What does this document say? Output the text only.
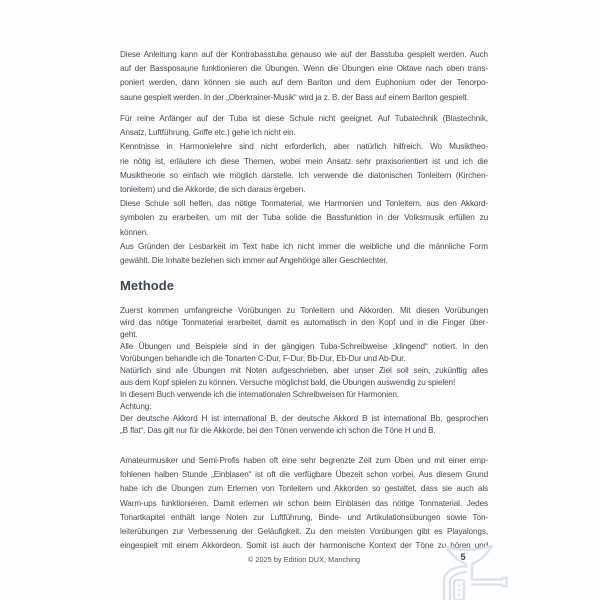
Diese Anleitung kann auf der Kontrabasstuba genauso wie auf der Basstuba gespielt werden. Auch
auf der Bassposaune funktionieren die Übungen. Wenn die Übungen eine Oktave nach oben trans-
poniert werden, dann können sie auch auf dem Bariton und dem Euphonium oder der Tenorpo-
saune gespielt werden. In der „Oberkrainer-Musik“ wird ja z. B. der Bass auf einem Bariton gespielt.
Für reine Anfänger auf der Tuba ist diese Schule nicht geeignet. Auf Tubatechnik (Blastechnik,
Ansatz, Luftführung, Griffe etc.) gehe ich nicht ein.
Kenntnisse in Harmonielehre sind nicht erforderlich, aber natürlich hilfreich. Wo Musiktheo-
rie nötig ist, erläutere ich diese Themen, wobei mein Ansatz sehr praxisorientiert ist und ich die
Musiktheorie so einfach wie möglich darstelle. Ich verwende die diatonischen Tonleitern (Kirchen-
tonleitern) und die Akkorde, die sich daraus ergeben.
Diese Schule soll helfen, das nötige Tonmaterial, wie Harmonien und Tonleitern, aus den Akkord-
symbolen zu erarbeiten, um mit der Tuba solide die Bassfunktion in der Volksmusik erfüllen zu
können.
Aus Gründen der Lesbarkeit im Text habe ich nicht immer die weibliche und die männliche Form
gewählt. Die Inhalte beziehen sich immer auf Angehörige aller Geschlechter.
Methode
Zuerst kommen umfangreiche Vorübungen zu Tonleitern und Akkorden. Mit diesen Vorübungen
wird das nötige Tonmaterial erarbeitet, damit es automatisch in den Kopf und in die Finger über-
geht.
Alle Übungen und Beispiele sind in der gängigen Tuba-Schreibweise „klingend“ notiert. In den
Vorübungen behandle ich die Tonarten C-Dur, F-Dur, Bb-Dur, Eb-Dur und Ab-Dur.
Natürlich sind alle Übungen mit Noten aufgeschrieben, aber unser Ziel soll sein, zukünftig alles
aus dem Kopf spielen zu können. Versuche möglichst bald, die Übungen auswendig zu spielen!
In diesem Buch verwende ich die internationalen Schreibweisen für Harmonien.
Achtung:
Der deutsche Akkord H ist international B, der deutsche Akkord B ist international Bb, gesprochen
„B flat“. Das gilt nur für die Akkorde, bei den Tönen verwende ich schon die Töne H und B.
Amateurmusiker und Semi-Profis haben oft eine sehr begrenzte Zeit zum Üben und mit einer emp-
fohlenen halben Stunde „Einblasen“ ist oft die verfügbare Übezeit schon vorbei. Aus diesem Grund
habe ich die Übungen zum Erlernen von Tonleitern und Akkorden so gestaltet, dass sie auch als
Warm-ups funktionieren. Damit erlernen wir schon beim Einblasen das nötige Tonmaterial. Jedes
Tonartkapitel enthält lange Noten zur Luftführung, Binde- und Artikulationsübungen sowie Ton-
leiterübungen zur Verbesserung der Geläufigkeit. Zu den meisten Vorübungen gibt es Playalongs,
eingespielt mit einem Akkordeon. Somit ist auch der harmonische Kontext der Töne zu hören und
© 2025 by Edition DUX, Manching	5
